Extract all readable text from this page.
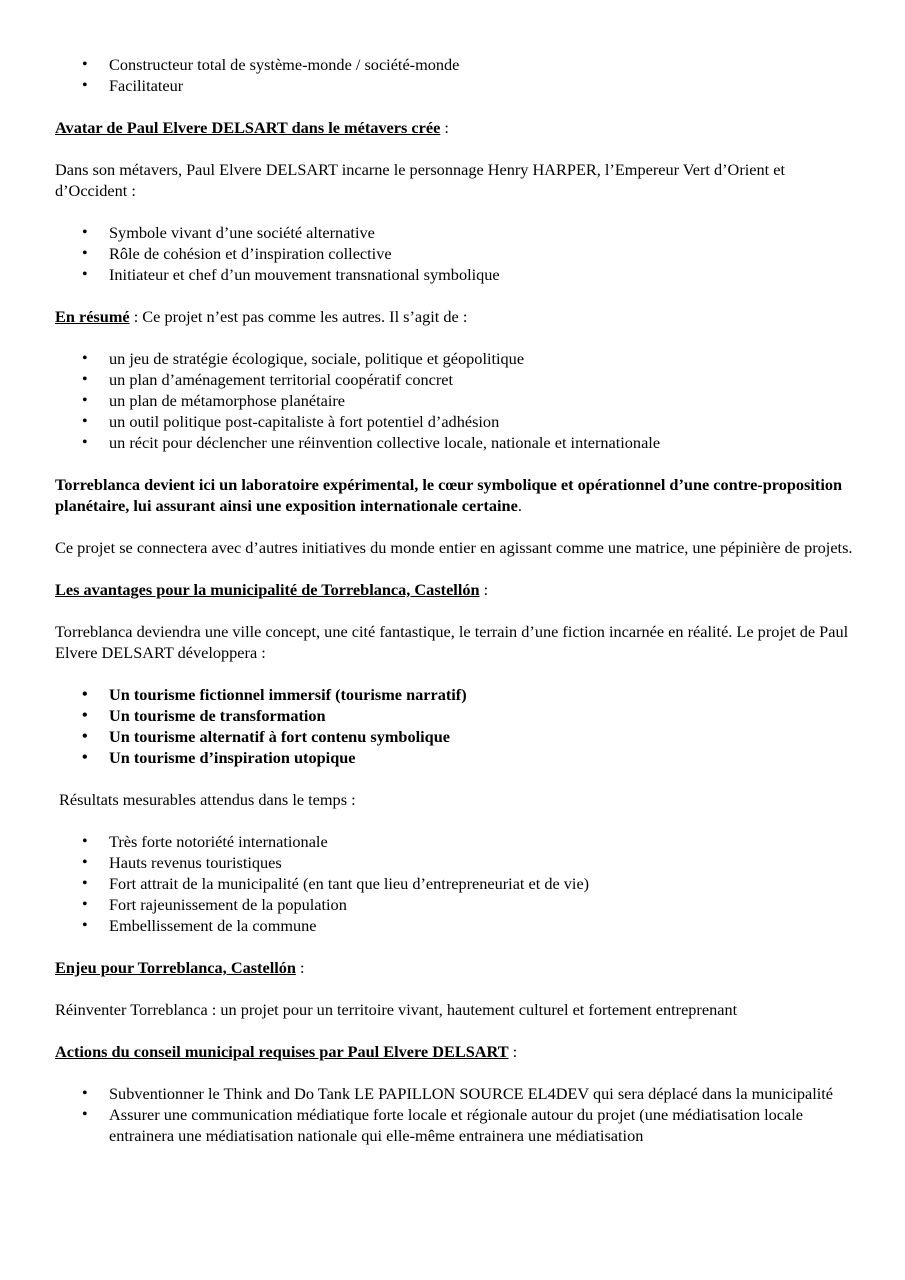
• Constructeur total de système-monde / société-monde
• Facilitateur

Avatar de Paul Elvere DELSART dans le métavers crée :

Dans son métavers, Paul Elvere DELSART incarne le personnage Henry HARPER, l’Empereur Vert d’Orient et d’Occident :

• Symbole vivant d’une société alternative
• Rôle de cohésion et d’inspiration collective
• Initiateur et chef d’un mouvement transnational symbolique

En résumé : Ce projet n’est pas comme les autres. Il s’agit de :

• un jeu de stratégie écologique, sociale, politique et géopolitique
• un plan d’aménagement territorial coopératif concret
• un plan de métamorphose planétaire
• un outil politique post-capitaliste à fort potentiel d’adhésion
• un récit pour déclencher une réinvention collective locale, nationale et internationale

Torreblanca devient ici un laboratoire expérimental, le cœur symbolique et opérationnel d’une contre-proposition planétaire, lui assurant ainsi une exposition internationale certaine.

Ce projet se connectera avec d’autres initiatives du monde entier en agissant comme une matrice, une pépinière de projets.

Les avantages pour la municipalité de Torreblanca, Castellón :

Torreblanca deviendra une ville concept, une cité fantastique, le terrain d’une fiction incarnée en réalité. Le projet de Paul Elvere DELSART développera :

• Un tourisme fictionnel immersif (tourisme narratif)
• Un tourisme de transformation
• Un tourisme alternatif à fort contenu symbolique
• Un tourisme d’inspiration utopique

Résultats mesurables attendus dans le temps :

• Très forte notoriété internationale
• Hauts revenus touristiques
• Fort attrait de la municipalité (en tant que lieu d’entrepreneuriat et de vie)
• Fort rajeunissement de la population
• Embellissement de la commune

Enjeu pour Torreblanca, Castellón :

Réinventer Torreblanca : un projet pour un territoire vivant, hautement culturel et fortement entreprenant

Actions du conseil municipal requises par Paul Elvere DELSART :

• Subventionner le Think and Do Tank LE PAPILLON SOURCE EL4DEV qui sera déplacé dans la municipalité
• Assurer une communication médiatique forte locale et régionale autour du projet (une médiatisation locale entrainera une médiatisation nationale qui elle-même entrainera une médiatisation
